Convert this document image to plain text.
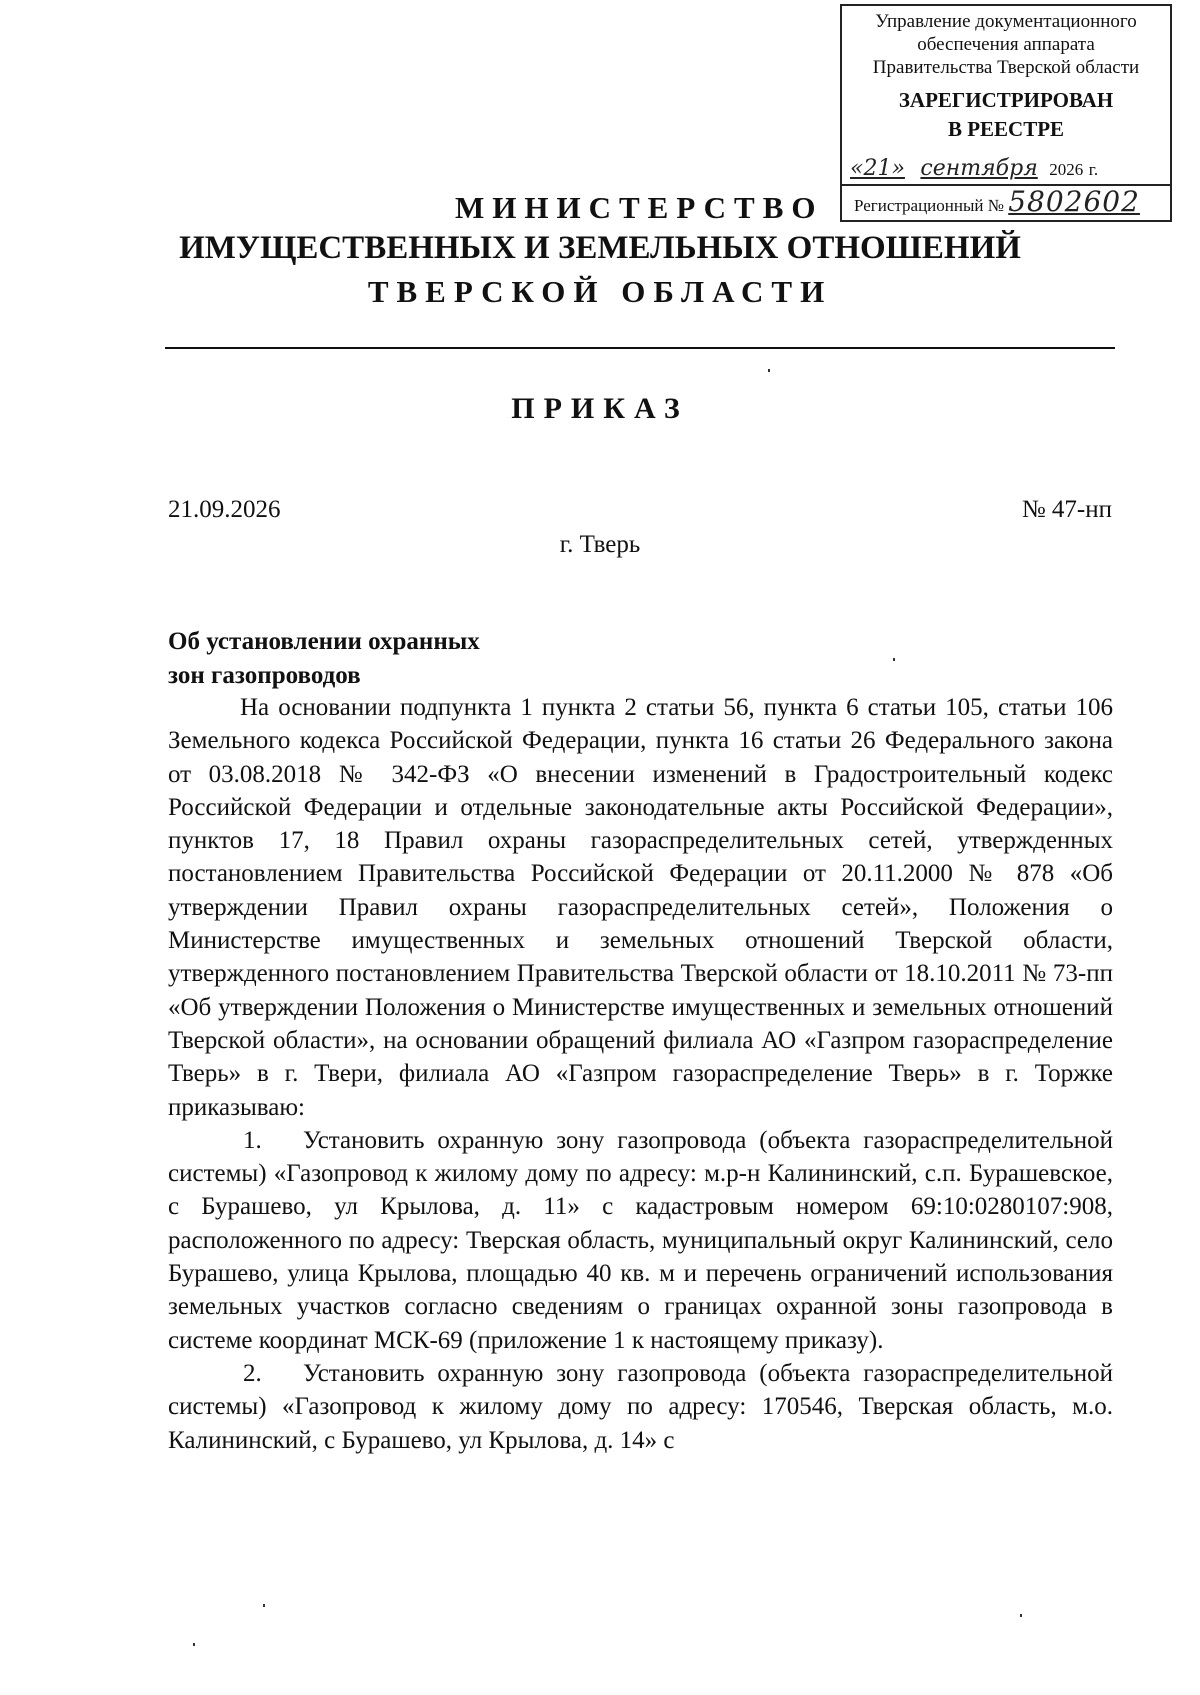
Управление документационного
обеспечения аппарата
Правительства Тверской области
ЗАРЕГИСТРИРОВАН
В РЕЕСТРЕ
«21» сентября 2026 г.
Регистрационный № 5802602
МИНИСТЕРСТВО
ИМУЩЕСТВЕННЫХ И ЗЕМЕЛЬНЫХ ОТНОШЕНИЙ
ТВЕРСКОЙ ОБЛАСТИ
ПРИКАЗ
21.09.2026	№ 47-нп
г. Тверь
Об установлении охранных
зон газопроводов

На основании подпункта 1 пункта 2 статьи 56, пункта 6 статьи 105, статьи 106 Земельного кодекса Российской Федерации, пункта 16 статьи 26 Федерального закона от 03.08.2018 № 342-ФЗ «О внесении изменений в Градостроительный кодекс Российской Федерации и отдельные законодательные акты Российской Федерации», пунктов 17, 18 Правил охраны газораспределительных сетей, утвержденных постановлением Правительства Российской Федерации от 20.11.2000 № 878 «Об утверждении Правил охраны газораспределительных сетей», Положения о Министерстве имущественных и земельных отношений Тверской области, утвержденного постановлением Правительства Тверской области от 18.10.2011 № 73-пп «Об утверждении Положения о Министерстве имущественных и земельных отношений Тверской области», на основании обращений филиала АО «Газпром газораспределение Тверь» в г. Твери, филиала АО «Газпром газораспределение Тверь» в г. Торжке приказываю:

1. Установить охранную зону газопровода (объекта газораспределительной системы) «Газопровод к жилому дому по адресу: м.р-н Калининский, с.п. Бурашевское, с Бурашево, ул Крылова, д. 11» с кадастровым номером 69:10:0280107:908, расположенного по адресу: Тверская область, муниципальный округ Калининский, село Бурашево, улица Крылова, площадью 40 кв. м и перечень ограничений использования земельных участков согласно сведениям о границах охранной зоны газопровода в системе координат МСК-69 (приложение 1 к настоящему приказу).

2. Установить охранную зону газопровода (объекта газораспределительной системы) «Газопровод к жилому дому по адресу: 170546, Тверская область, м.о. Калининский, с Бурашево, ул Крылова, д. 14» с
